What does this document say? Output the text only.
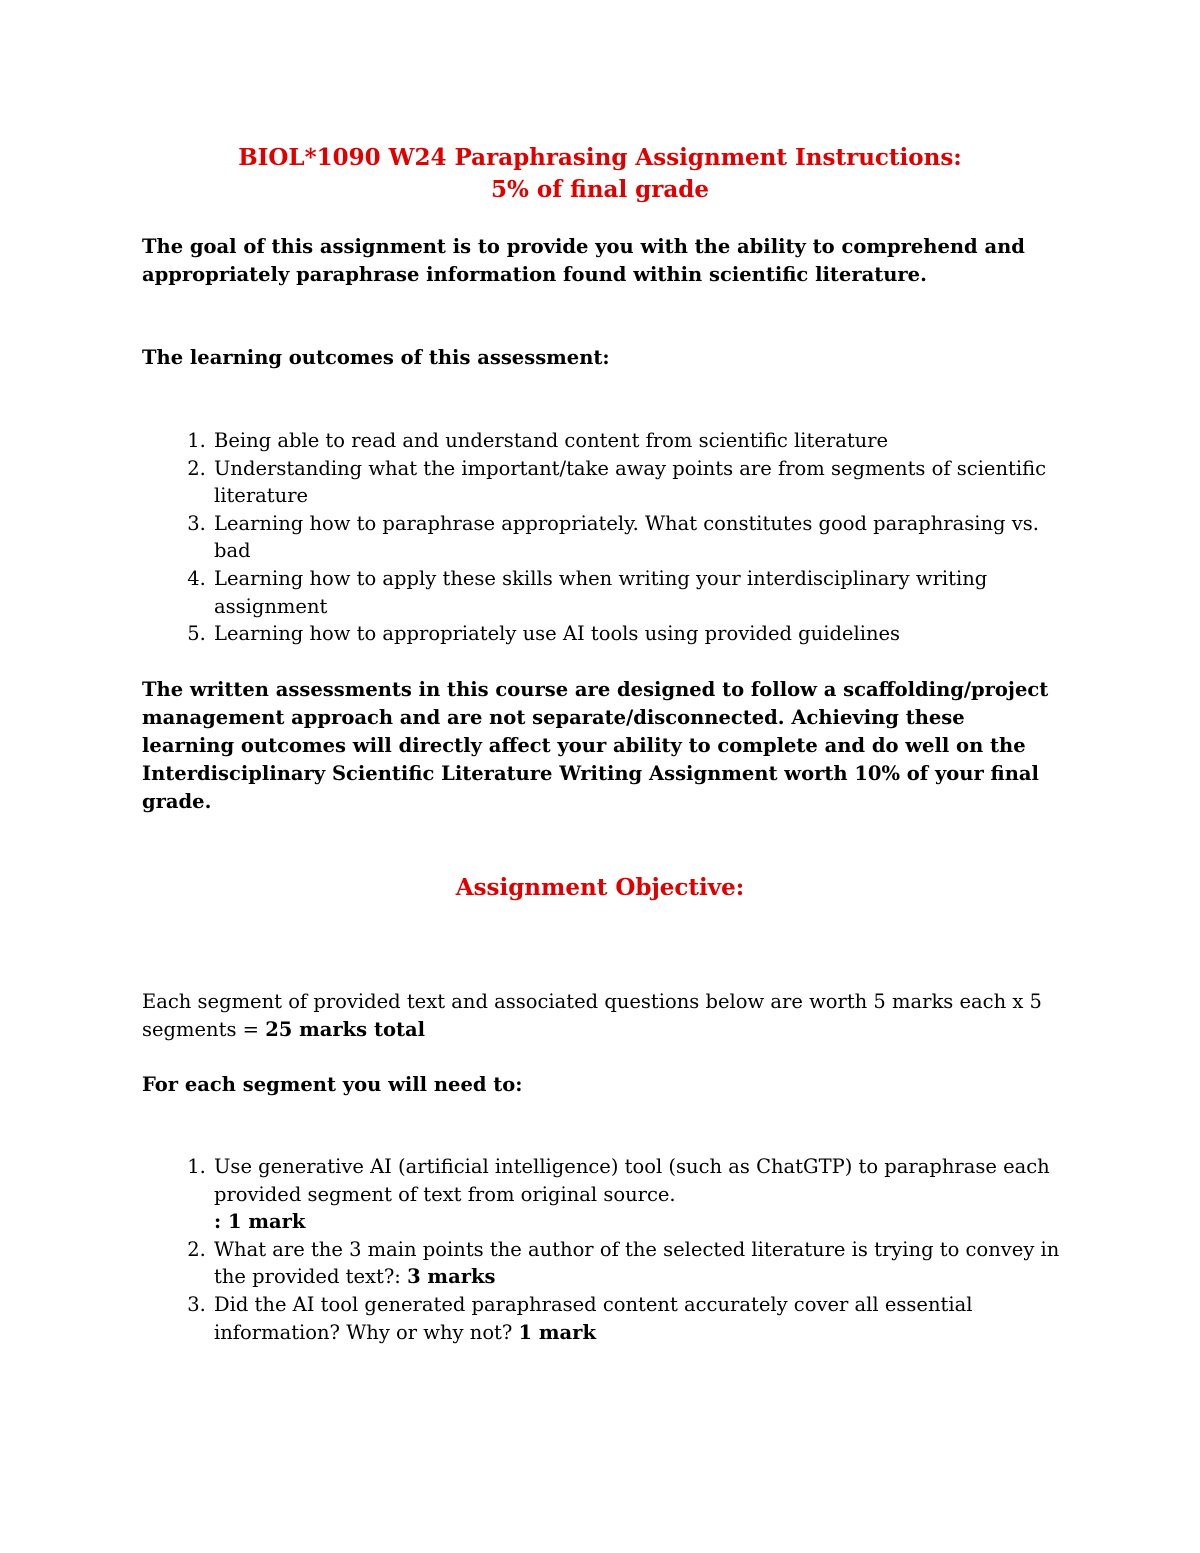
BIOL*1090 W24 Paraphrasing Assignment Instructions:
5% of final grade
The goal of this assignment is to provide you with the ability to comprehend and appropriately paraphrase information found within scientific literature.
The learning outcomes of this assessment:
1. Being able to read and understand content from scientific literature
2. Understanding what the important/take away points are from segments of scientific literature
3. Learning how to paraphrase appropriately. What constitutes good paraphrasing vs. bad
4. Learning how to apply these skills when writing your interdisciplinary writing assignment
5. Learning how to appropriately use AI tools using provided guidelines
The written assessments in this course are designed to follow a scaffolding/project management approach and are not separate/disconnected. Achieving these learning outcomes will directly affect your ability to complete and do well on the Interdisciplinary Scientific Literature Writing Assignment worth 10% of your final grade.
Assignment Objective:
Each segment of provided text and associated questions below are worth 5 marks each x 5 segments = 25 marks total
For each segment you will need to:
1. Use generative AI (artificial intelligence) tool (such as ChatGTP) to paraphrase each provided segment of text from original source.
: 1 mark
2. What are the 3 main points the author of the selected literature is trying to convey in the provided text?: 3 marks
3. Did the AI tool generated paraphrased content accurately cover all essential information? Why or why not? 1 mark
